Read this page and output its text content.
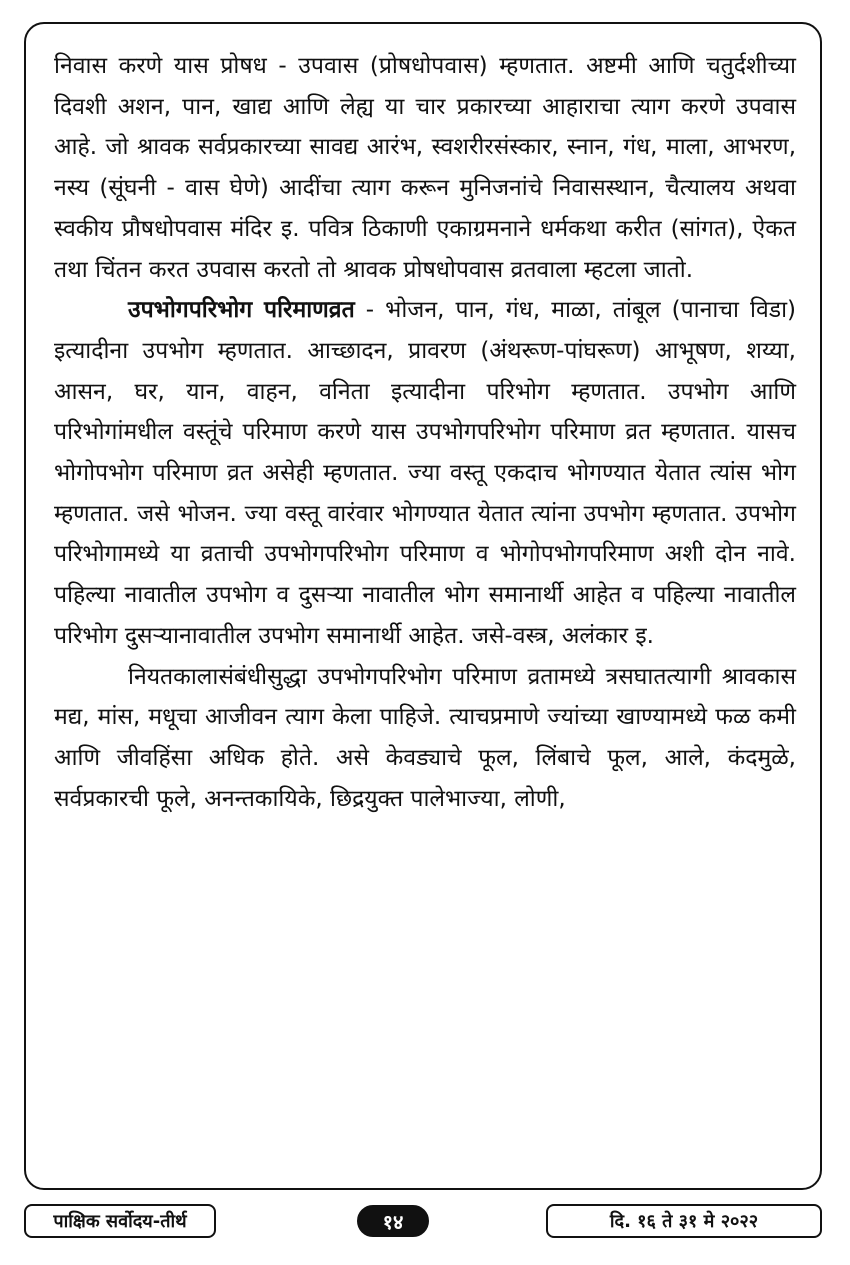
निवास करणे यास प्रोषध - उपवास (प्रोषधोपवास) म्हणतात. अष्टमी आणि चतुर्दशीच्या दिवशी अशन, पान, खाद्य आणि लेह्य या चार प्रकारच्या आहाराचा त्याग करणे उपवास आहे. जो श्रावक सर्वप्रकारच्या सावद्य आरंभ, स्वशरीरसंस्कार, स्नान, गंध, माला, आभरण, नस्य (सूंघनी - वास घेणे) आदींचा त्याग करून मुनिजनांचे निवासस्थान, चैत्यालय अथवा स्वकीय प्रौषधोपवास मंदिर इ. पवित्र ठिकाणी एकाग्रमनाने धर्मकथा करीत (सांगत), ऐकत तथा चिंतन करत उपवास करतो तो श्रावक प्रोषधोपवास व्रतवाला म्हटला जातो.

उपभोगपरिभोग परिमाणव्रत - भोजन, पान, गंध, माळा, तांबूल (पानाचा विडा) इत्यादीना उपभोग म्हणतात. आच्छादन, प्रावरण (अंथरूण-पांघरूण) आभूषण, शय्या, आसन, घर, यान, वाहन, वनिता इत्यादीना परिभोग म्हणतात. उपभोग आणि परिभोगांमधील वस्तूंचे परिमाण करणे यास उपभोगपरिभोग परिमाण व्रत म्हणतात. यासच भोगोपभोग परिमाण व्रत असेही म्हणतात. ज्या वस्तू एकदाच भोगण्यात येतात त्यांस भोग म्हणतात. जसे भोजन. ज्या वस्तू वारंवार भोगण्यात येतात त्यांना उपभोग म्हणतात. उपभोग परिभोगामध्ये या व्रताची उपभोगपरिभोग परिमाण व भोगोपभोगपरिमाण अशी दोन नावे. पहिल्या नावातील उपभोग व दुसऱ्या नावातील भोग समानार्थी आहेत व पहिल्या नावातील परिभोग दुसऱ्यानावातील उपभोग समानार्थी आहेत. जसे-वस्त्र, अलंकार इ.

नियतकालासंबंधीसुद्धा उपभोगपरिभोग परिमाण व्रतामध्ये त्रसघातत्यागी श्रावकास मद्य, मांस, मधूचा आजीवन त्याग केला पाहिजे. त्याचप्रमाणे ज्यांच्या खाण्यामध्ये फळ कमी आणि जीवहिंसा अधिक होते. असे केवड्याचे फूल, लिंबाचे फूल, आले, कंदमुळे, सर्वप्रकारची फूले, अनन्तकायिके, छिद्रयुक्त पालेभाज्या, लोणी,

पाक्षिक सर्वोदय-तीर्थ	१४	दि. १६ ते ३१ मे २०२२
